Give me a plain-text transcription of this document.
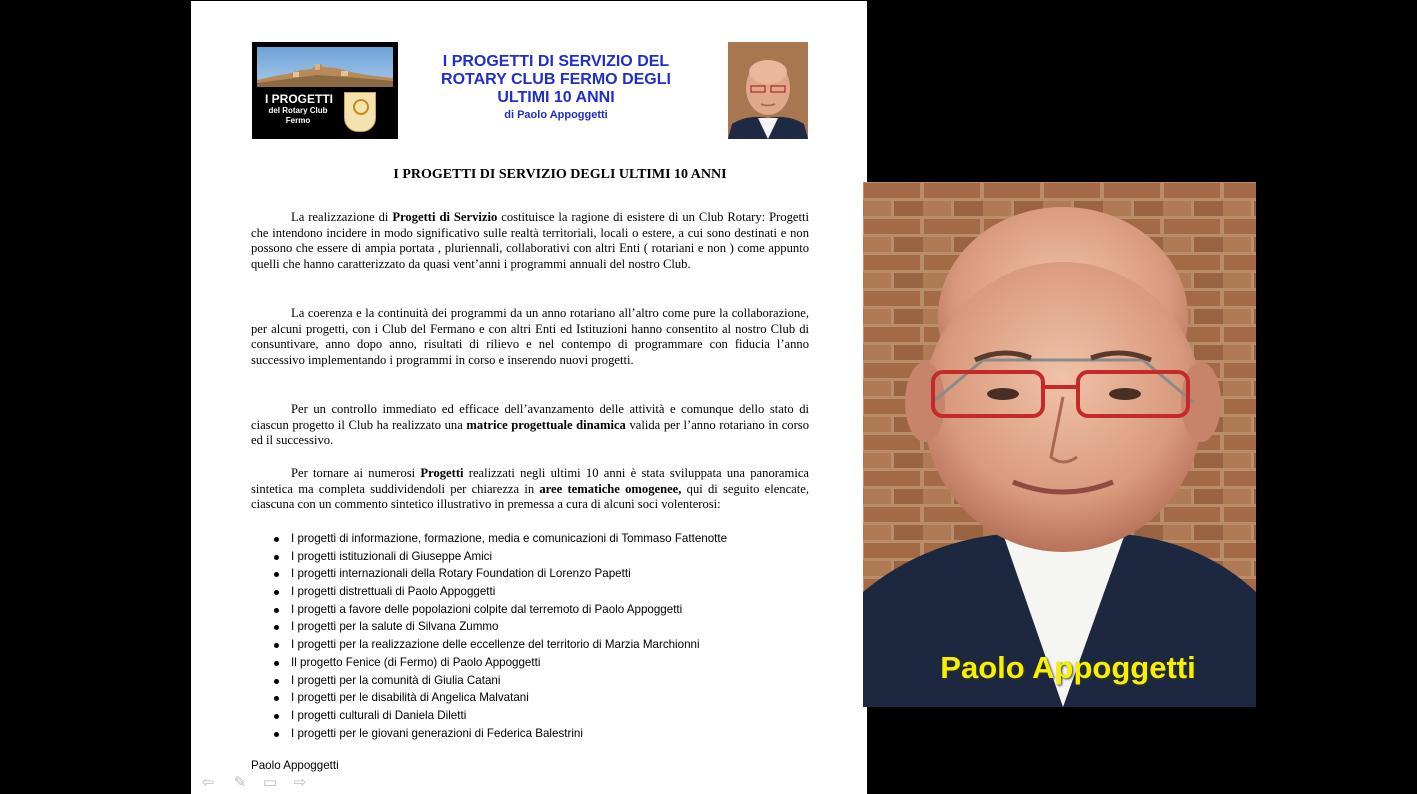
I PROGETTI
del Rotary Club Fermo
I PROGETTI DI SERVIZIO DEL ROTARY CLUB FERMO DEGLI ULTIMI 10 ANNI
di Paolo Appoggetti
I PROGETTI DI SERVIZIO DEGLI ULTIMI 10 ANNI
La realizzazione di Progetti di Servizio costituisce la ragione di esistere di un Club Rotary: Progetti che intendono incidere in modo significativo sulle realtà territoriali, locali o estere, a cui sono destinati e non possono che essere di ampia portata , pluriennali, collaborativi con altri Enti ( rotariani e non ) come appunto quelli che hanno caratterizzato da quasi vent’anni i programmi annuali del nostro Club.
La coerenza e la continuità dei programmi da un anno rotariano all’altro come pure la collaborazione, per alcuni progetti, con i Club del Fermano e con altri Enti ed Istituzioni hanno consentito al nostro Club di consuntivare, anno dopo anno, risultati di rilievo e nel contempo di programmare con fiducia l’anno successivo implementando i programmi in corso e inserendo nuovi progetti.
Per un controllo immediato ed efficace dell’avanzamento delle attività e comunque dello stato di ciascun progetto il Club ha realizzato una matrice progettuale dinamica valida per l’anno rotariano in corso ed il successivo.
Per tornare ai numerosi Progetti realizzati negli ultimi 10 anni è stata sviluppata una panoramica sintetica ma completa suddividendoli per chiarezza in aree tematiche omogenee, qui di seguito elencate, ciascuna con un commento sintetico illustrativo in premessa a cura di alcuni soci volenterosi:
I progetti di informazione, formazione, media e comunicazioni di Tommaso Fattenotte
I progetti istituzionali di Giuseppe Amici
I progetti internazionali della Rotary Foundation di Lorenzo Papetti
I progetti distrettuali di Paolo Appoggetti
I progetti a favore delle popolazioni colpite dal terremoto di Paolo Appoggetti
I progetti per la salute di Silvana Zummo
I progetti per la realizzazione delle eccellenze del territorio di Marzia Marchionni
Il progetto Fenice (di Fermo) di Paolo Appoggetti
I progetti per la comunità di Giulia Catani
I progetti per le disabilità di Angelica Malvatani
I progetti culturali di Daniela Diletti
I progetti per le giovani generazioni di Federica Balestrini
Paolo Appoggetti
⇦ ✎ ▭ ⇨
Paolo Appoggetti
